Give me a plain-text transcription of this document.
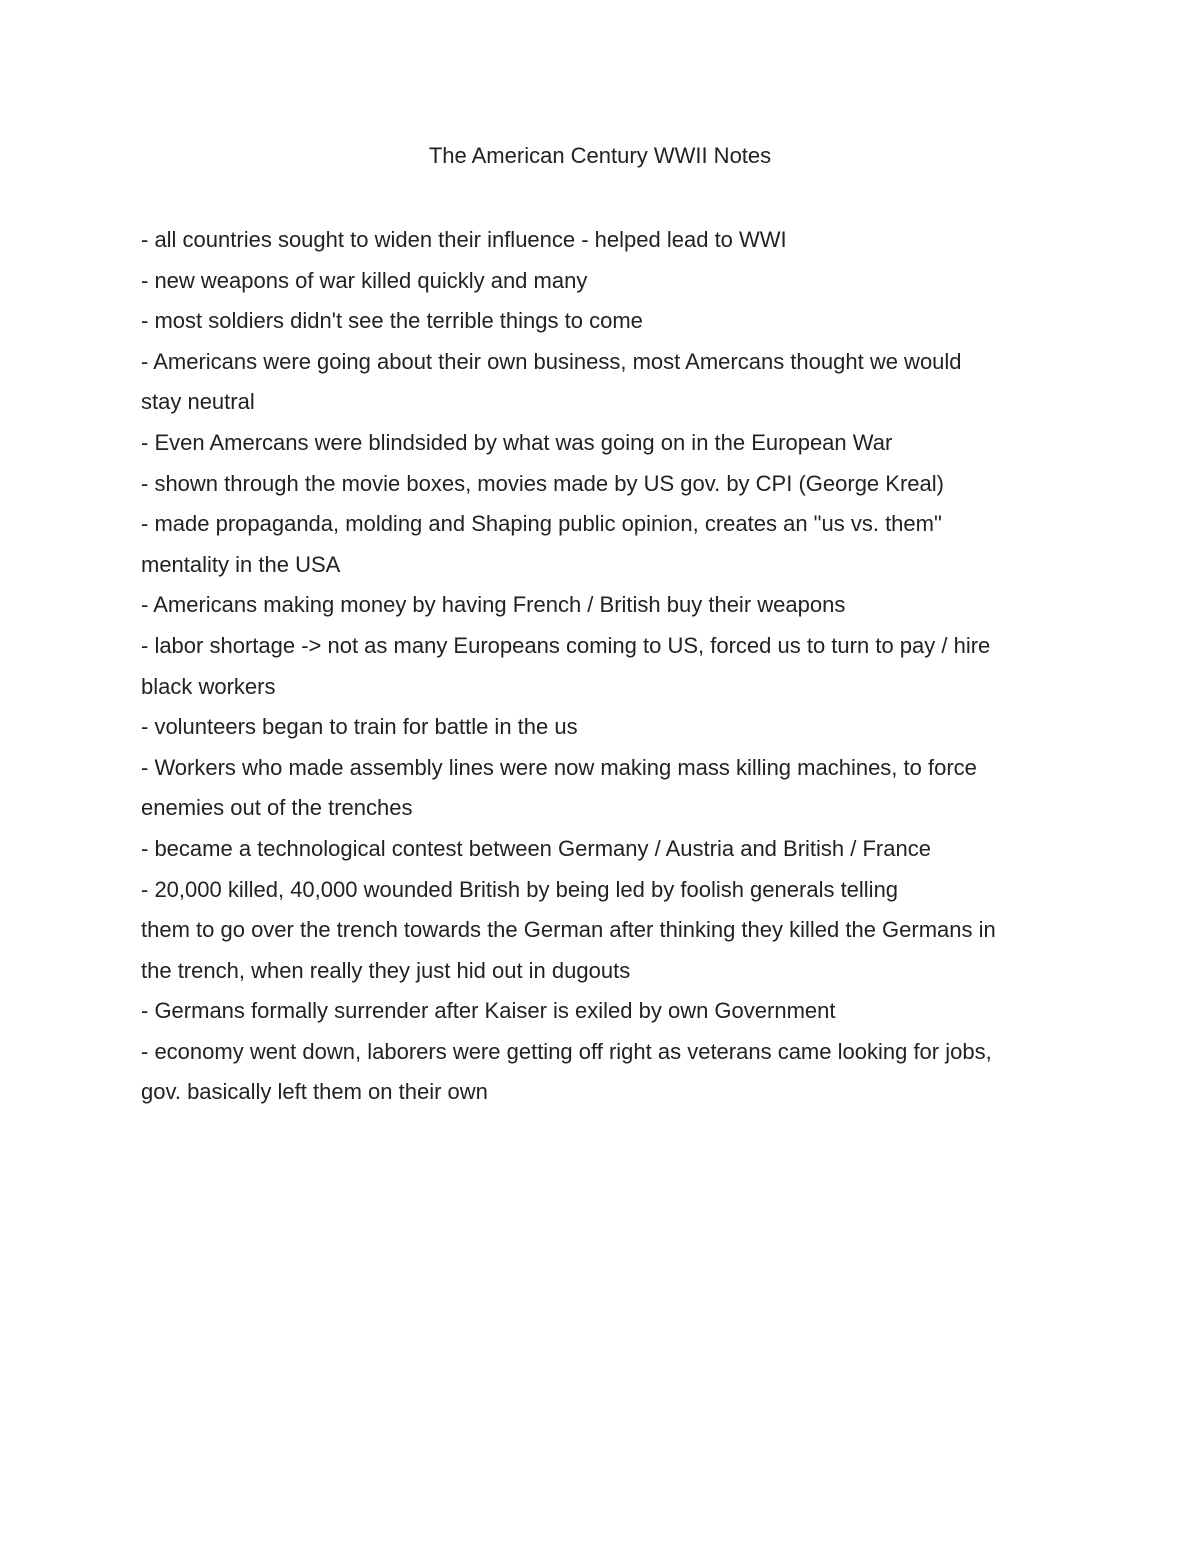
The American Century WWII Notes
- all countries sought to widen their influence - helped lead to WWI
- new weapons of war killed quickly and many
- most soldiers didn't see the terrible things to come
- Americans were going about their own business, most Amercans thought we would
stay neutral
- Even Amercans were blindsided by what was going on in the European War
- shown through the movie boxes, movies made by US gov. by CPI (George Kreal)
- made propaganda, molding and Shaping public opinion, creates an "us vs. them"
mentality in the USA
- Americans making money by having French / British buy their weapons
- labor shortage -> not as many Europeans coming to US, forced us to turn to pay / hire
black workers
- volunteers began to train for battle in the us
- Workers who made assembly lines were now making mass killing machines, to force
enemies out of the trenches
- became a technological contest between Germany / Austria and British / France
- 20,000 killed, 40,000 wounded British by being led by foolish generals telling
them to go over the trench towards the German after thinking they killed the Germans in
the trench, when really they just hid out in dugouts
- Germans formally surrender after Kaiser is exiled by own Government
- economy went down, laborers were getting off right as veterans came looking for jobs,
gov. basically left them on their own
